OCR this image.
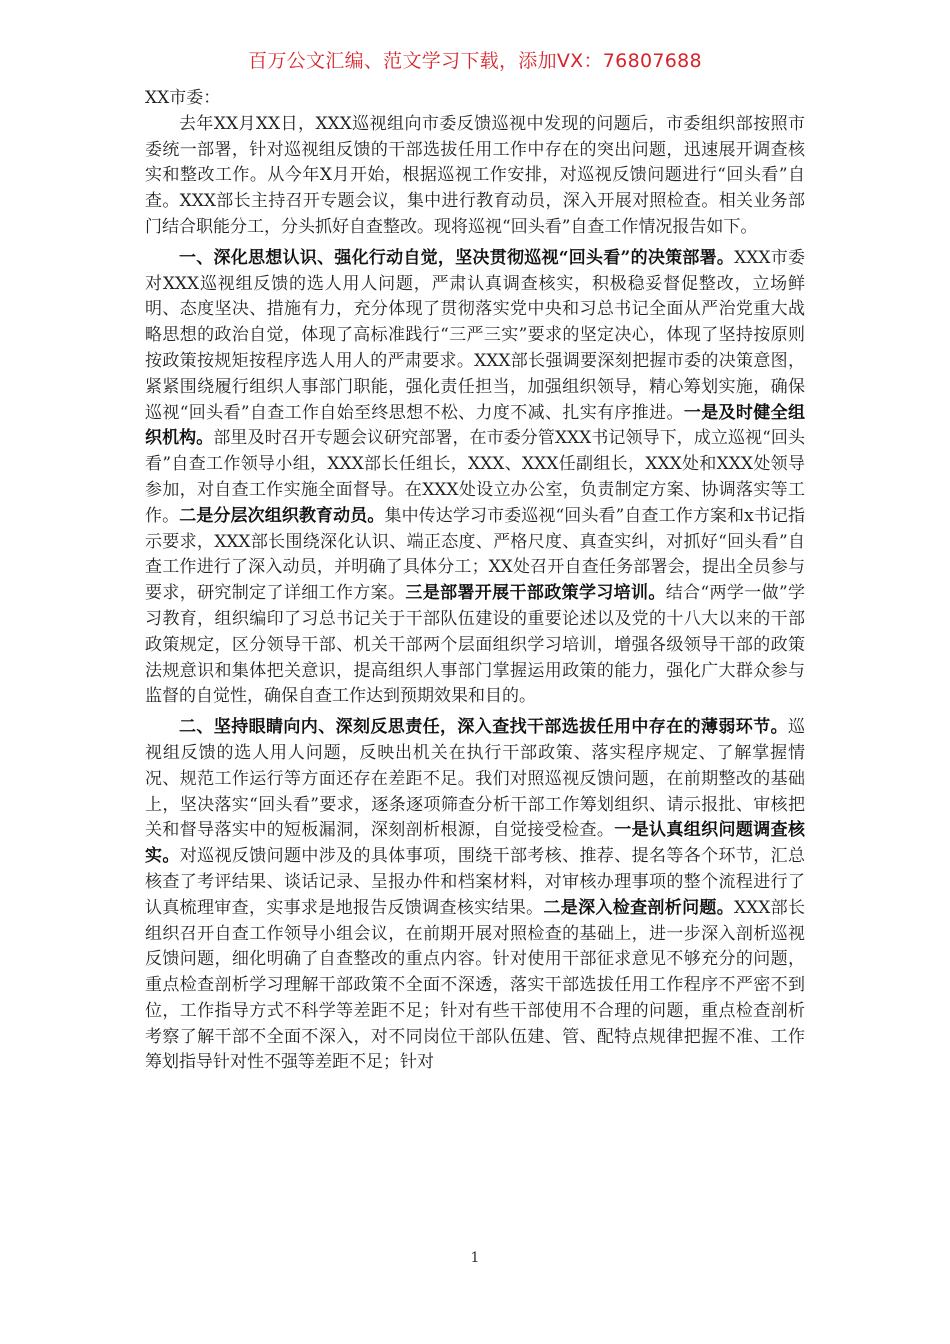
百万公文汇编、范文学习下载，添加VX：76807688

XX市委：

去年XX月XX日，XXX巡视组向市委反馈巡视中发现的问题后，市委组织部按照市委统一部署，针对巡视组反馈的干部选拔任用工作中存在的突出问题，迅速展开调查核实和整改工作。从今年X月开始，根据巡视工作安排，对巡视反馈问题进行“回头看”自查。XXX部长主持召开专题会议，集中进行教育动员，深入开展对照检查。相关业务部门结合职能分工，分头抓好自查整改。现将巡视“回头看”自查工作情况报告如下。

一、深化思想认识、强化行动自觉，坚决贯彻巡视“回头看”的决策部署。XXX市委对XXX巡视组反馈的选人用人问题，严肃认真调查核实，积极稳妥督促整改，立场鲜明、态度坚决、措施有力，充分体现了贯彻落实党中央和习总书记全面从严治党重大战略思想的政治自觉，体现了高标准践行“三严三实”要求的坚定决心，体现了坚持按原则按政策按规矩按程序选人用人的严肃要求。XXX部长强调要深刻把握市委的决策意图，紧紧围绕履行组织人事部门职能，强化责任担当，加强组织领导，精心筹划实施，确保巡视“回头看”自查工作自始至终思想不松、力度不减、扎实有序推进。一是及时健全组织机构。部里及时召开专题会议研究部署，在市委分管XXX书记领导下，成立巡视“回头看”自查工作领导小组，XXX部长任组长，XXX、XXX任副组长，XXX处和XXX处领导参加，对自查工作实施全面督导。在XXX处设立办公室，负责制定方案、协调落实等工作。二是分层次组织教育动员。集中传达学习市委巡视“回头看”自查工作方案和x书记指示要求，XXX部长围绕深化认识、端正态度、严格尺度、真查实纠，对抓好“回头看”自查工作进行了深入动员，并明确了具体分工；XX处召开自查任务部署会，提出全员参与要求，研究制定了详细工作方案。三是部署开展干部政策学习培训。结合“两学一做”学习教育，组织编印了习总书记关于干部队伍建设的重要论述以及党的十八大以来的干部政策规定，区分领导干部、机关干部两个层面组织学习培训，增强各级领导干部的政策法规意识和集体把关意识，提高组织人事部门掌握运用政策的能力，强化广大群众参与监督的自觉性，确保自查工作达到预期效果和目的。

二、坚持眼睛向内、深刻反思责任，深入查找干部选拔任用中存在的薄弱环节。巡视组反馈的选人用人问题，反映出机关在执行干部政策、落实程序规定、了解掌握情况、规范工作运行等方面还存在差距不足。我们对照巡视反馈问题，在前期整改的基础上，坚决落实“回头看”要求，逐条逐项筛查分析干部工作筹划组织、请示报批、审核把关和督导落实中的短板漏洞，深刻剖析根源，自觉接受检查。一是认真组织问题调查核实。对巡视反馈问题中涉及的具体事项，围绕干部考核、推荐、提名等各个环节，汇总核查了考评结果、谈话记录、呈报办件和档案材料，对审核办理事项的整个流程进行了认真梳理审查，实事求是地报告反馈调查核实结果。二是深入检查剖析问题。XXX部长组织召开自查工作领导小组会议，在前期开展对照检查的基础上，进一步深入剖析巡视反馈问题，细化明确了自查整改的重点内容。针对使用干部征求意见不够充分的问题，重点检查剖析学习理解干部政策不全面不深透，落实干部选拔任用工作程序不严密不到位，工作指导方式不科学等差距不足；针对有些干部使用不合理的问题，重点检查剖析考察了解干部不全面不深入，对不同岗位干部队伍建、管、配特点规律把握不准、工作筹划指导针对性不强等差距不足；针对

1
